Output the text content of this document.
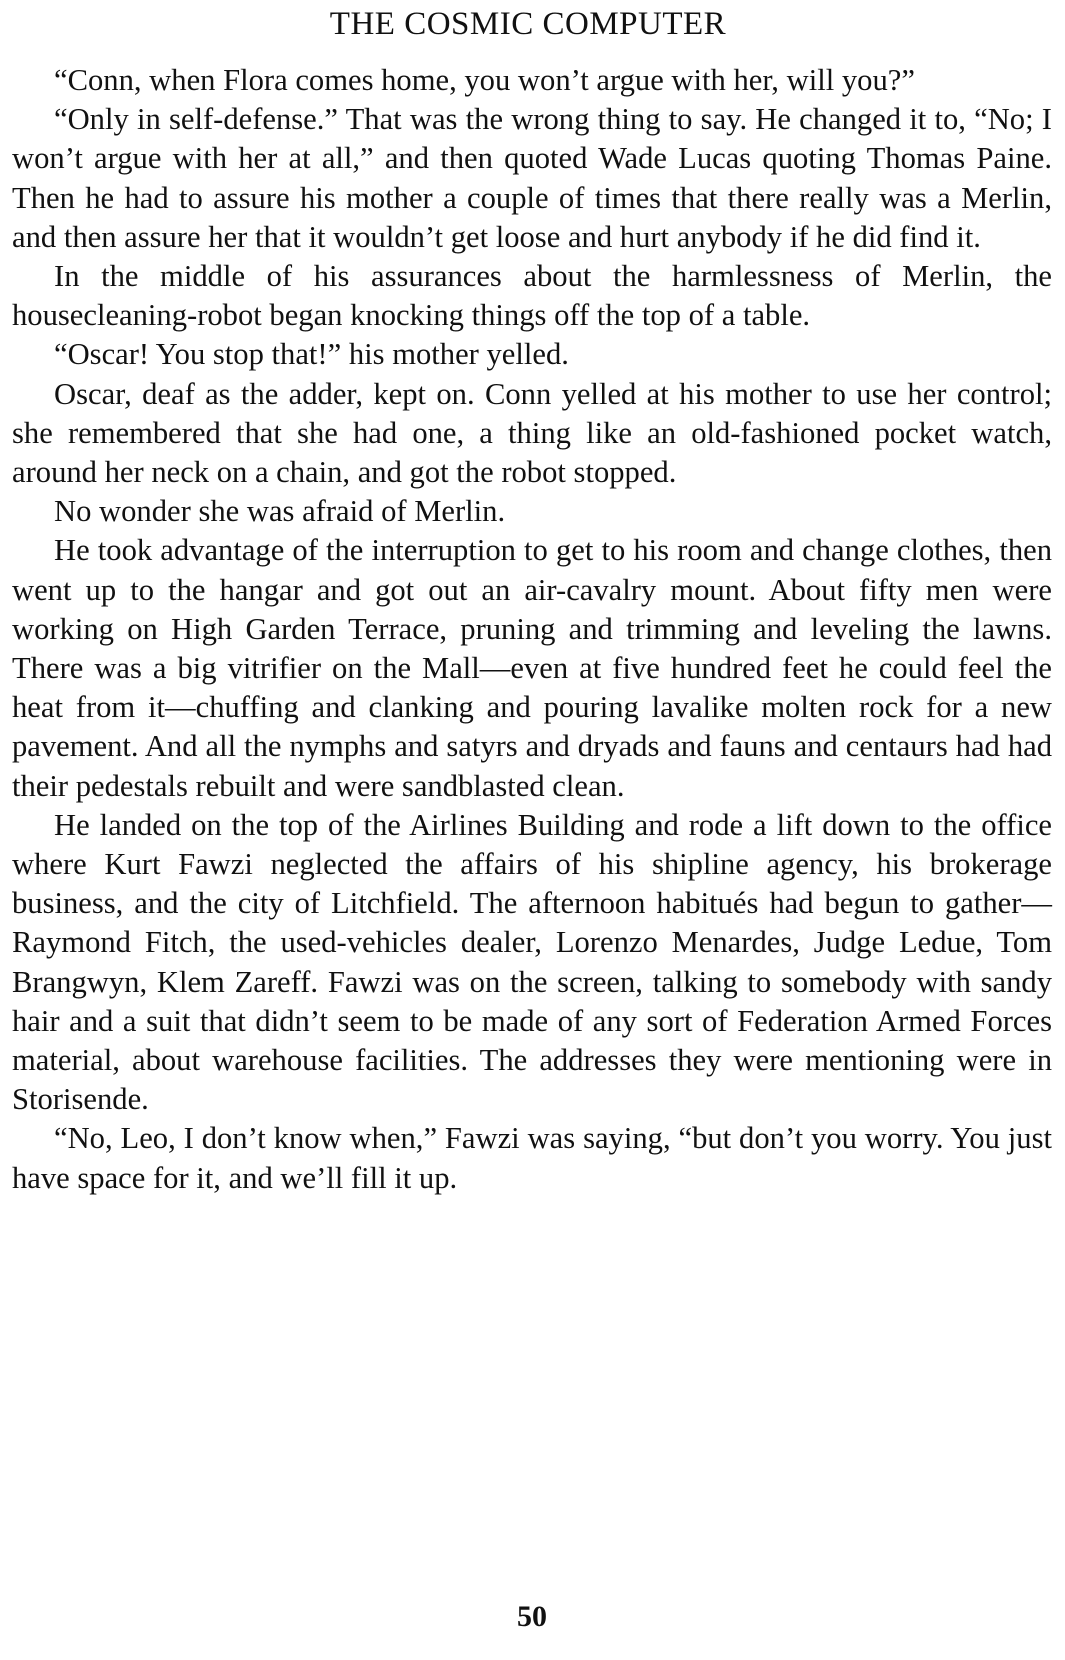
THE COSMIC COMPUTER

“Conn, when Flora comes home, you won’t argue with her, will you?”

“Only in self-defense.” That was the wrong thing to say. He changed it to, “No; I won’t argue with her at all,” and then quoted Wade Lucas quoting Thomas Paine. Then he had to assure his mother a couple of times that there really was a Merlin, and then assure her that it wouldn’t get loose and hurt anybody if he did find it.

In the middle of his assurances about the harmlessness of Merlin, the housecleaning-robot began knocking things off the top of a table.

“Oscar! You stop that!” his mother yelled.

Oscar, deaf as the adder, kept on. Conn yelled at his mother to use her control; she remembered that she had one, a thing like an old-fashioned pocket watch, around her neck on a chain, and got the robot stopped.

No wonder she was afraid of Merlin.

He took advantage of the interruption to get to his room and change clothes, then went up to the hangar and got out an air-cavalry mount. About fifty men were working on High Garden Terrace, pruning and trimming and leveling the lawns. There was a big vitrifier on the Mall—even at five hundred feet he could feel the heat from it—chuffing and clanking and pouring lavalike molten rock for a new pavement. And all the nymphs and satyrs and dryads and fauns and centaurs had had their pedestals rebuilt and were sandblasted clean.

He landed on the top of the Airlines Building and rode a lift down to the office where Kurt Fawzi neglected the affairs of his shipline agency, his brokerage business, and the city of Litchfield. The afternoon habitués had begun to gather—Raymond Fitch, the used-vehicles dealer, Lorenzo Menardes, Judge Ledue, Tom Brangwyn, Klem Zareff. Fawzi was on the screen, talking to somebody with sandy hair and a suit that didn’t seem to be made of any sort of Federation Armed Forces material, about warehouse facilities. The addresses they were mentioning were in Storisende.

“No, Leo, I don’t know when,” Fawzi was saying, “but don’t you worry. You just have space for it, and we’ll fill it up.

50
